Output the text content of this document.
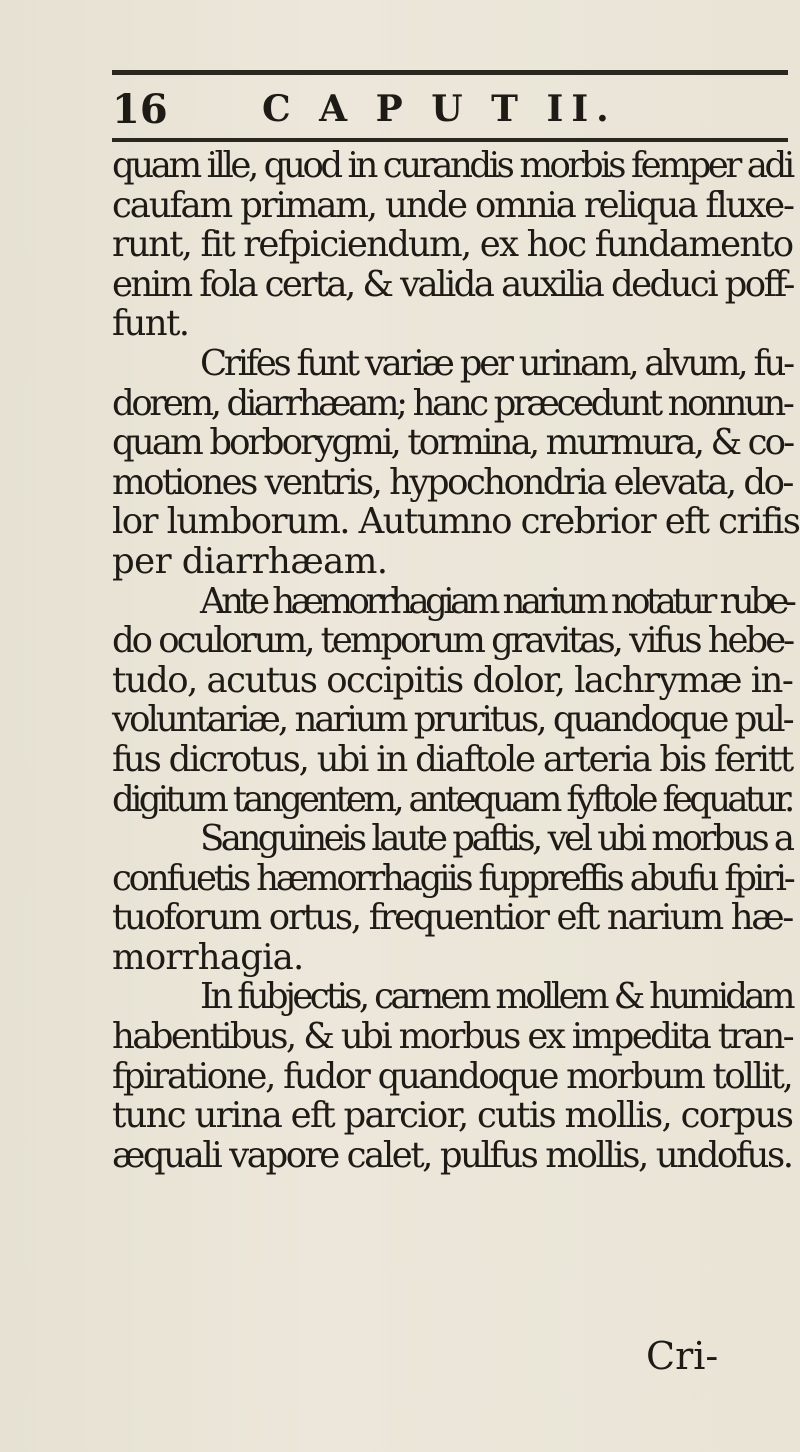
16	C A P U T II.
quam ille, quod in curandis morbis femper adi
caufam primam, unde omnia reliqua fluxe-
runt, fit refpiciendum, ex hoc fundamento
enim fola certa, & valida auxilia deduci poff-
funt.
Crifes funt variæ per urinam, alvum, fu-
dorem, diarrhæam; hanc præcedunt nonnun-
quam borborygmi, tormina, murmura, & co-
motiones ventris, hypochondria elevata, do-
lor lumborum. Autumno crebrior eft crifis
per diarrhæam.
Ante hæmorrhagiam narium notatur rube-
do oculorum, temporum gravitas, vifus hebe-
tudo, acutus occipitis dolor, lachrymæ in-
voluntariæ, narium pruritus, quandoque pul-
fus dicrotus, ubi in diaftole arteria bis feritt
digitum tangentem, antequam fyftole fequatur.
Sanguineis laute paftis, vel ubi morbus a
confuetis hæmorrhagiis fuppreffis abufu fpiri-
tuoforum ortus, frequentior eft narium hæ-
morrhagia.
In fubjectis, carnem mollem & humidam
habentibus, & ubi morbus ex impedita tran-
fpiratione, fudor quandoque morbum tollit,
tunc urina eft parcior, cutis mollis, corpus
æquali vapore calet, pulfus mollis, undofus.
Cri-
